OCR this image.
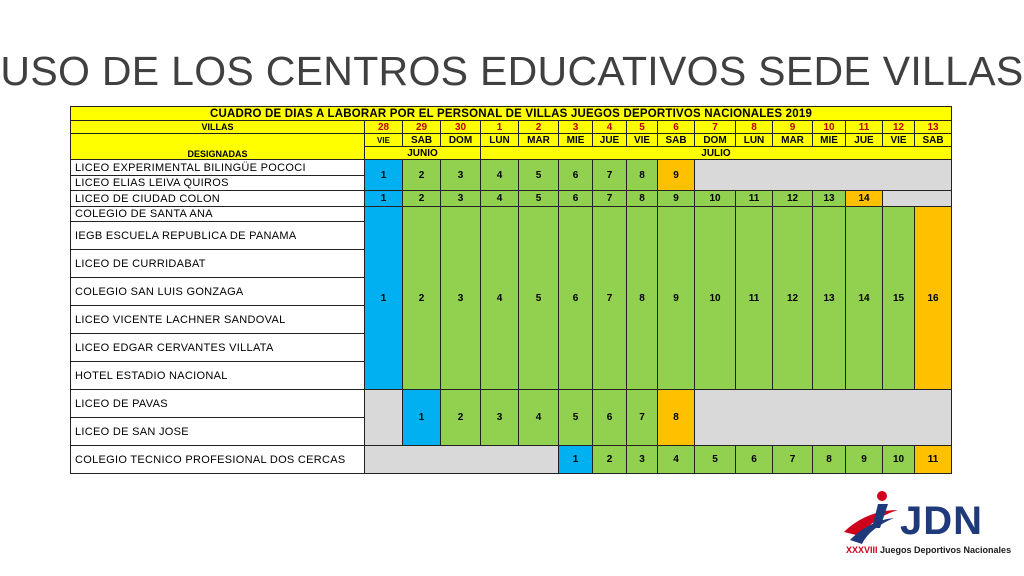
USO DE LOS CENTROS EDUCATIVOS SEDE VILLAS
CUADRO DE DIAS A LABORAR POR EL PERSONAL DE VILLAS JUEGOS DEPORTIVOS NACIONALES 2019																
VILLAS	28	29	30	1	2	3	4	5	6	7	8	9	10	11	12	13
DESIGNADAS	VIE	SAB	DOM	LUN	MAR	MIE	JUE	VIE	SAB	DOM	LUN	MAR	MIE	JUE	VIE	SAB
	JUNIO			JULIO												
LICEO EXPERIMENTAL BILINGÜE POCOCI	1	2	3	4	5	6	7	8	9							
LICEO ELIAS LEIVA QUIROS																
LICEO DE CIUDAD COLON	1	2	3	4	5	6	7	8	9	10	11	12	13	14		
COLEGIO DE SANTA ANA	1	2	3	4	5	6	7	8	9	10	11	12	13	14	15	16
IEGB ESCUELA REPUBLICA DE PANAMA																
LICEO DE CURRIDABAT																
COLEGIO SAN LUIS GONZAGA																
LICEO VICENTE LACHNER SANDOVAL																
LICEO EDGAR CERVANTES VILLATA																
HOTEL ESTADIO NACIONAL																
LICEO DE PAVAS		1	2	3	4	5	6	7	8							
LICEO DE SAN JOSE																
COLEGIO TECNICO PROFESIONAL DOS CERCAS						1	2	3	4	5	6	7	8	9	10	11
JDN
XXXVIII Juegos Deportivos Nacionales
